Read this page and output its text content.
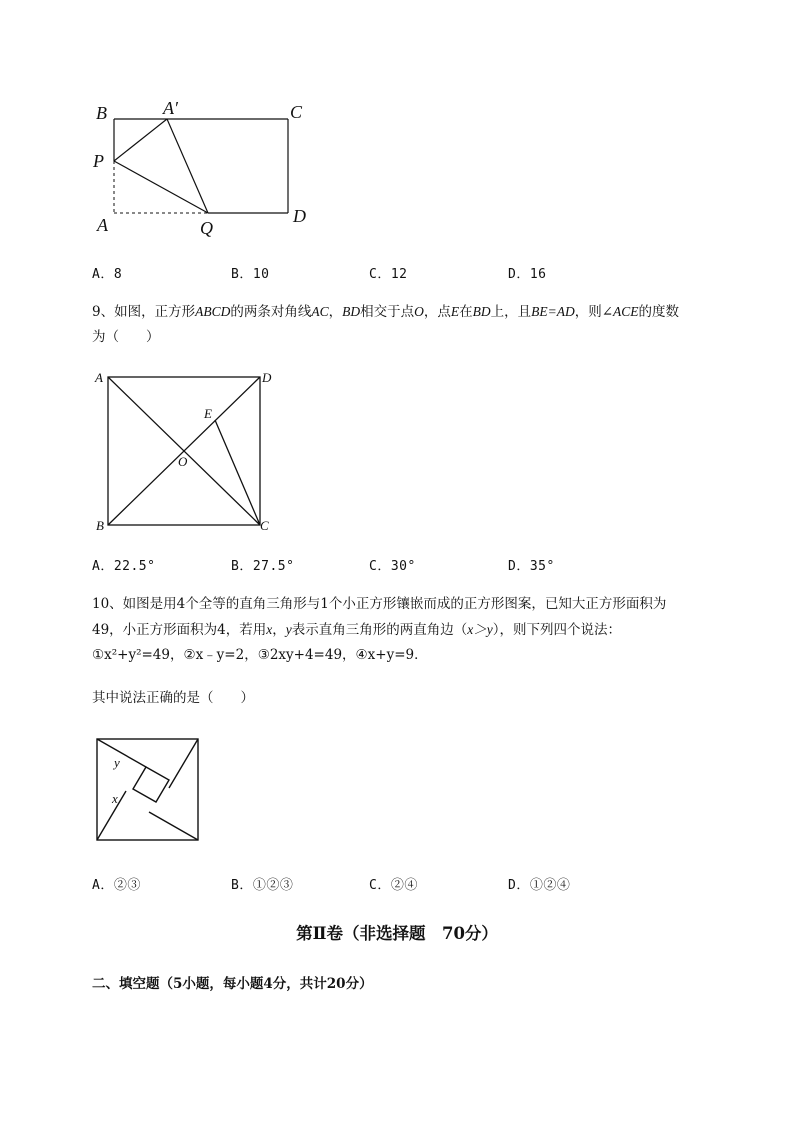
B	A′	C
P
A	Q
D
A．8	B．10	C．12	D．16
9、如图，正方形ABCD的两条对角线AC，BD相交于点O，点E在BD上，且BE=AD，则∠ACE的度数
为（　　）
A	D
E
O
B	C
A．22.5°	B．27.5°	C．30°	D．35°
10、如图是用4个全等的直角三角形与1个小正方形镶嵌而成的正方形图案，已知大正方形面积为
49，小正方形面积为4，若用x，y表示直角三角形的两直角边（x＞y），则下列四个说法：
①x²+y²=49，②x﹣y=2，③2xy+4=49，④x+y=9．
其中说法正确的是（　　）
y
x
A．②③	B．①②③	C．②④	D．①②④
第Ⅱ卷（非选择题　70分）
二、填空题（5小题，每小题4分，共计20分）
